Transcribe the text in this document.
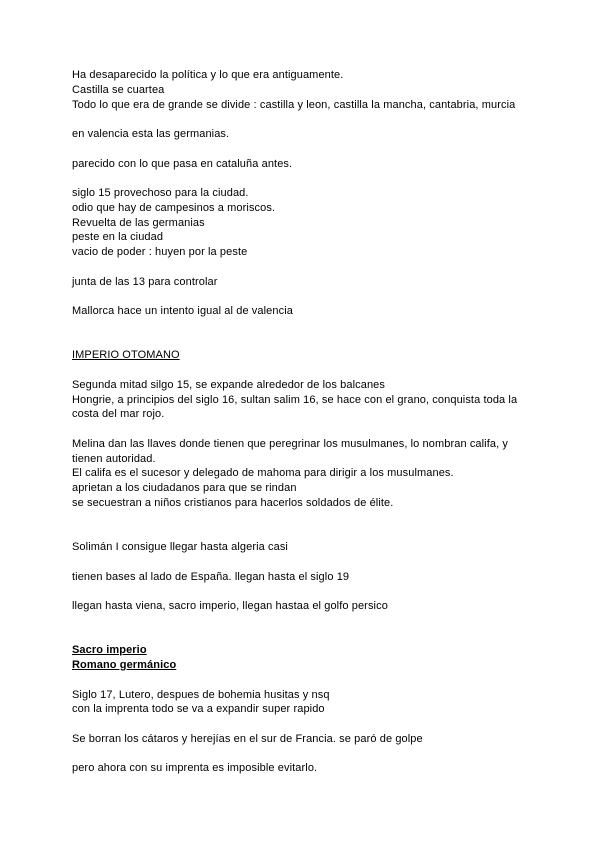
Ha desaparecido la política y lo que era antiguamente.
Castilla se cuartea
Todo lo que era de grande se divide : castilla y leon, castilla la mancha, cantabria, murcia

en valencia esta las germanias.

parecido con lo que pasa en cataluña antes.

siglo 15 provechoso para la ciudad.
odio que hay de campesinos a moriscos.
Revuelta de las germanias
peste en la ciudad
vacio de poder : huyen por la peste

junta de las 13 para controlar

Mallorca hace un intento igual al de valencia

IMPERIO OTOMANO

Segunda mitad silgo 15, se expande alrededor de los balcanes
Hongrie, a principios del siglo 16, sultan salim 16, se hace con el grano, conquista toda la
costa del mar rojo.

Melina dan las llaves donde tienen que peregrinar los musulmanes, lo nombran califa, y
tienen autoridad.
El califa es el sucesor y delegado de mahoma para dirigir a los musulmanes.
aprietan a los ciudadanos para que se rindan
se secuestran a niños cristianos para hacerlos soldados de élite.

Solimán I consigue llegar hasta algeria casi

tienen bases al lado de España. llegan hasta el siglo 19

llegan hasta viena, sacro imperio, llegan hastaa el golfo persico

Sacro imperio
Romano germánico

Siglo 17, Lutero, despues de bohemia husitas y nsq
con la imprenta todo se va a expandir super rapido

Se borran los cátaros y herejías en el sur de Francia. se paró de golpe

pero ahora con su imprenta es imposible evitarlo.
